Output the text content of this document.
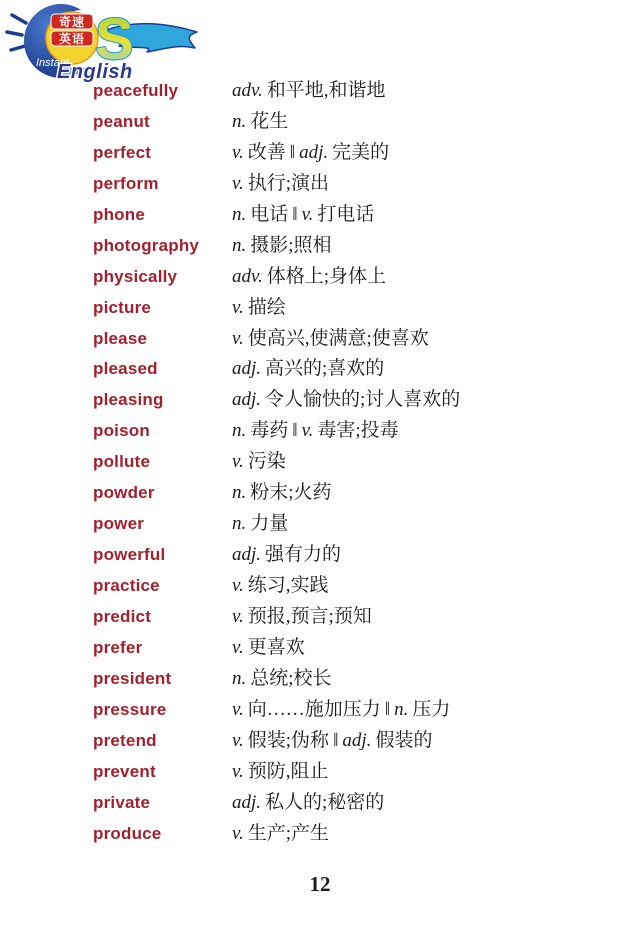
奇速
英语 S
Instant
English
peacefully	adv. 和平地,和谐地
peanut	n. 花生
perfect	v. 改善 ‖ adj. 完美的
perform	v. 执行;演出
phone	n. 电话 ‖ v. 打电话
photography n. 摄影;照相
physically	adv. 体格上;身体上
picture	v. 描绘
please	v. 使高兴,使满意;使喜欢
pleased	adj. 高兴的;喜欢的
pleasing	adj. 令人愉快的;讨人喜欢的
poison	n. 毒药 ‖ v. 毒害;投毒
pollute	v. 污染
powder	n. 粉末;火药
power	n. 力量
powerful	adj. 强有力的
practice	v. 练习,实践
predict	v. 预报,预言;预知
prefer	v. 更喜欢
president	n. 总统;校长
pressure	v. 向……施加压力 ‖ n. 压力
pretend	v. 假装;伪称 ‖ adj. 假装的
prevent	v. 预防,阻止
private	adj. 私人的;秘密的
produce	v. 生产;产生
12
